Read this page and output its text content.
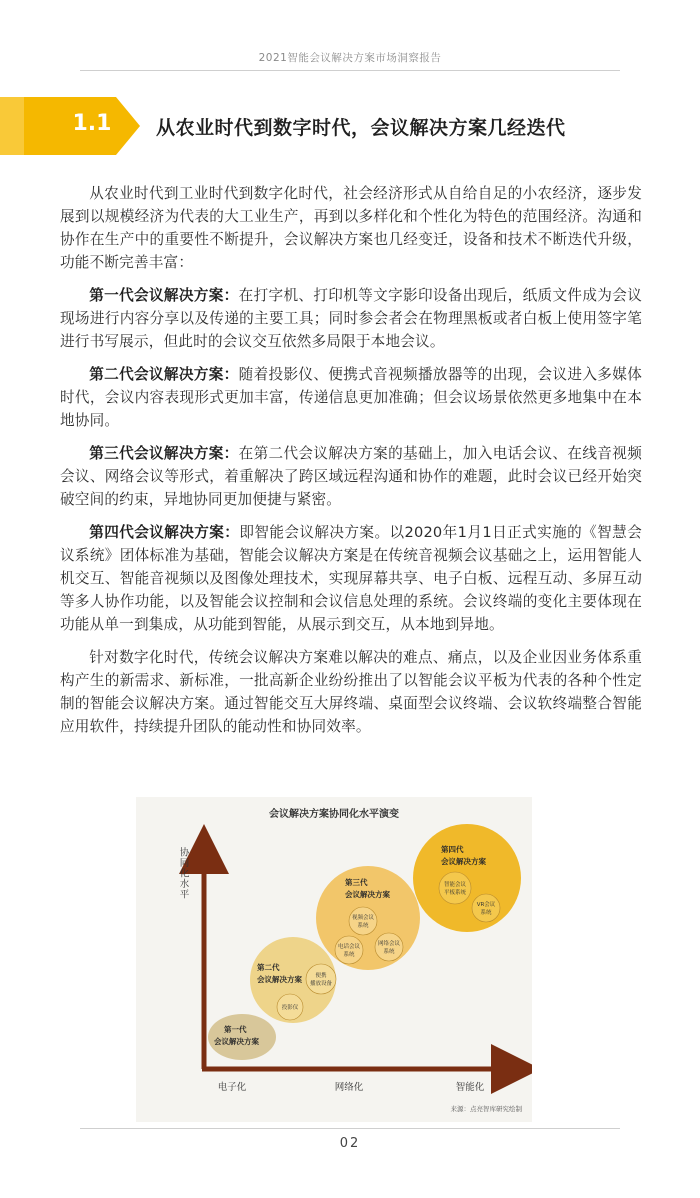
2021智能会议解决方案市场洞察报告
1.1	从农业时代到数字时代，会议解决方案几经迭代

从农业时代到工业时代到数字化时代，社会经济形式从自给自足的小农经济，逐步发展到以规模经济为代表的大工业生产，再到以多样化和个性化为特色的范围经济。沟通和协作在生产中的重要性不断提升，会议解决方案也几经变迁，设备和技术不断迭代升级，功能不断完善丰富：

第一代会议解决方案：在打字机、打印机等文字影印设备出现后，纸质文件成为会议现场进行内容分享以及传递的主要工具；同时参会者会在物理黑板或者白板上使用签字笔进行书写展示，但此时的会议交互依然多局限于本地会议。

第二代会议解决方案：随着投影仪、便携式音视频播放器等的出现，会议进入多媒体时代，会议内容表现形式更加丰富，传递信息更加准确；但会议场景依然更多地集中在本地协同。

第三代会议解决方案：在第二代会议解决方案的基础上，加入电话会议、在线音视频会议、网络会议等形式，着重解决了跨区域远程沟通和协作的难题，此时会议已经开始突破空间的约束，异地协同更加便捷与紧密。

第四代会议解决方案：即智能会议解决方案。以2020年1月1日正式实施的《智慧会议系统》团体标准为基础，智能会议解决方案是在传统音视频会议基础之上，运用智能人机交互、智能音视频以及图像处理技术，实现屏幕共享、电子白板、远程互动、多屏互动等多人协作功能，以及智能会议控制和会议信息处理的系统。会议终端的变化主要体现在功能从单一到集成，从功能到智能，从展示到交互，从本地到异地。

针对数字化时代，传统会议解决方案难以解决的难点、痛点，以及企业因业务体系重构产生的新需求、新标准，一批高新企业纷纷推出了以智能会议平板为代表的各种个性定制的智能会议解决方案。通过智能交互大屏终端、桌面型会议终端、会议软终端整合智能应用软件，持续提升团队的能动性和协同效率。

会议解决方案协同化水平演变
协同化水平
电子化	网络化	智能化
第一代
会议解决方案
第二代
会议解决方案 便携
播放设备
投影仪
第三代
会议解决方案
视频会议
系统
电话会议
系统
网络会议
系统
第四代
会议解决方案
智能会议
平板系统
VR会议
系统
来源：点亮智库研究绘制
02
